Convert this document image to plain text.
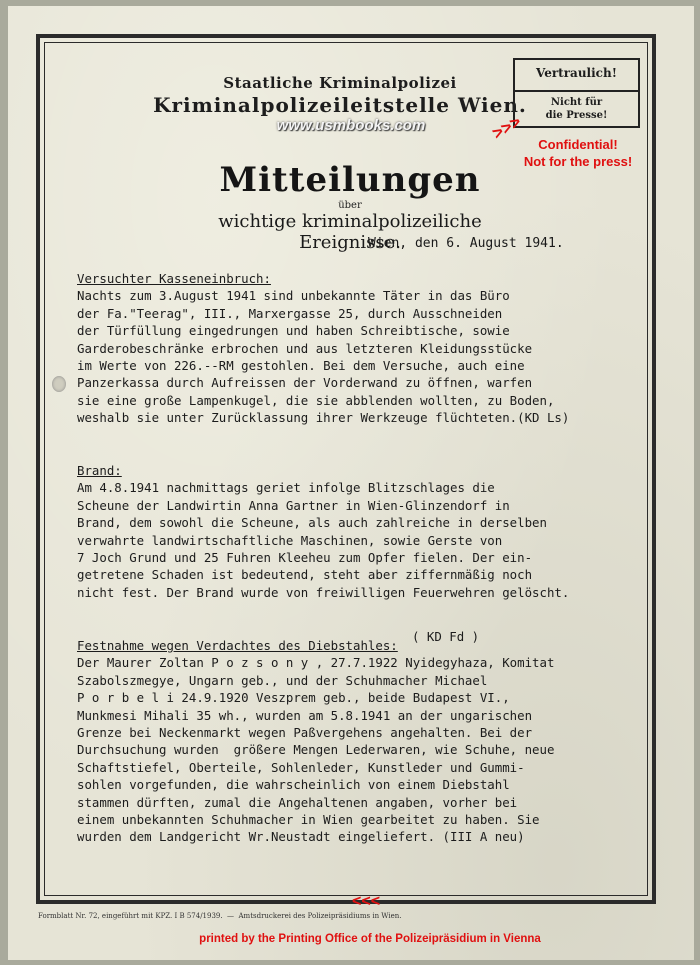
Staatliche Kriminalpolizei
Kriminalpolizeileitstelle Wien.
www.usmbooks.com
Vertraulich!
Nicht für
die Presse!
>>>
Confidential!
Not for the press!
Mitteilungen
über
wichtige kriminalpolizeiliche Ereignisse.
Wien, den 6. August 1941.
Versuchter Kasseneinbruch:
Nachts zum 3.August 1941 sind unbekannte Täter in das Büro
der Fa."Teerag", III., Marxergasse 25, durch Ausschneiden
der Türfüllung eingedrungen und haben Schreibtische, sowie
Garderobeschränke erbrochen und aus letzteren Kleidungsstücke
im Werte von 226.--RM gestohlen. Bei dem Versuche, auch eine
Panzerkassa durch Aufreissen der Vorderwand zu öffnen, warfen
sie eine große Lampenkugel, die sie abblenden wollten, zu Boden,
weshalb sie unter Zurücklassung ihrer Werkzeuge flüchteten.(KD Ls)
Brand:
Am 4.8.1941 nachmittags geriet infolge Blitzschlages die
Scheune der Landwirtin Anna Gartner in Wien-Glinzendorf in
Brand, dem sowohl die Scheune, als auch zahlreiche in derselben
verwahrte landwirtschaftliche Maschinen, sowie Gerste von
7 Joch Grund und 25 Fuhren Kleeheu zum Opfer fielen. Der ein-
getretene Schaden ist bedeutend, steht aber ziffernmäßig noch
nicht fest. Der Brand wurde von freiwilligen Feuerwehren gelöscht.
( KD Fd )
Festnahme wegen Verdachtes des Diebstahles:
Der Maurer Zoltan P o z s o n y , 27.7.1922 Nyidegyhaza, Komitat
Szabolszmegye, Ungarn geb., und der Schuhmacher Michael
P o r b e l i 24.9.1920 Veszprem geb., beide Budapest VI.,
Munkmesi Mihali 35 wh., wurden am 5.8.1941 an der ungarischen
Grenze bei Neckenmarkt wegen Paßvergehens angehalten. Bei der
Durchsuchung wurden  größere Mengen Lederwaren, wie Schuhe, neue
Schaftstiefel, Oberteile, Sohlenleder, Kunstleder und Gummi-
sohlen vorgefunden, die wahrscheinlich von einem Diebstahl
stammen dürften, zumal die Angehaltenen angaben, vorher bei
einem unbekannten Schuhmacher in Wien gearbeitet zu haben. Sie
wurden dem Landgericht Wr.Neustadt eingeliefert. (III A neu)
<<<
Formblatt Nr. 72, eingeführt mit KPZ. I B 574/1939.  —  Amtsdruckerei des Polizeipräsidiums in Wien.
printed by the Printing Office of the Polizeipräsidium in Vienna
